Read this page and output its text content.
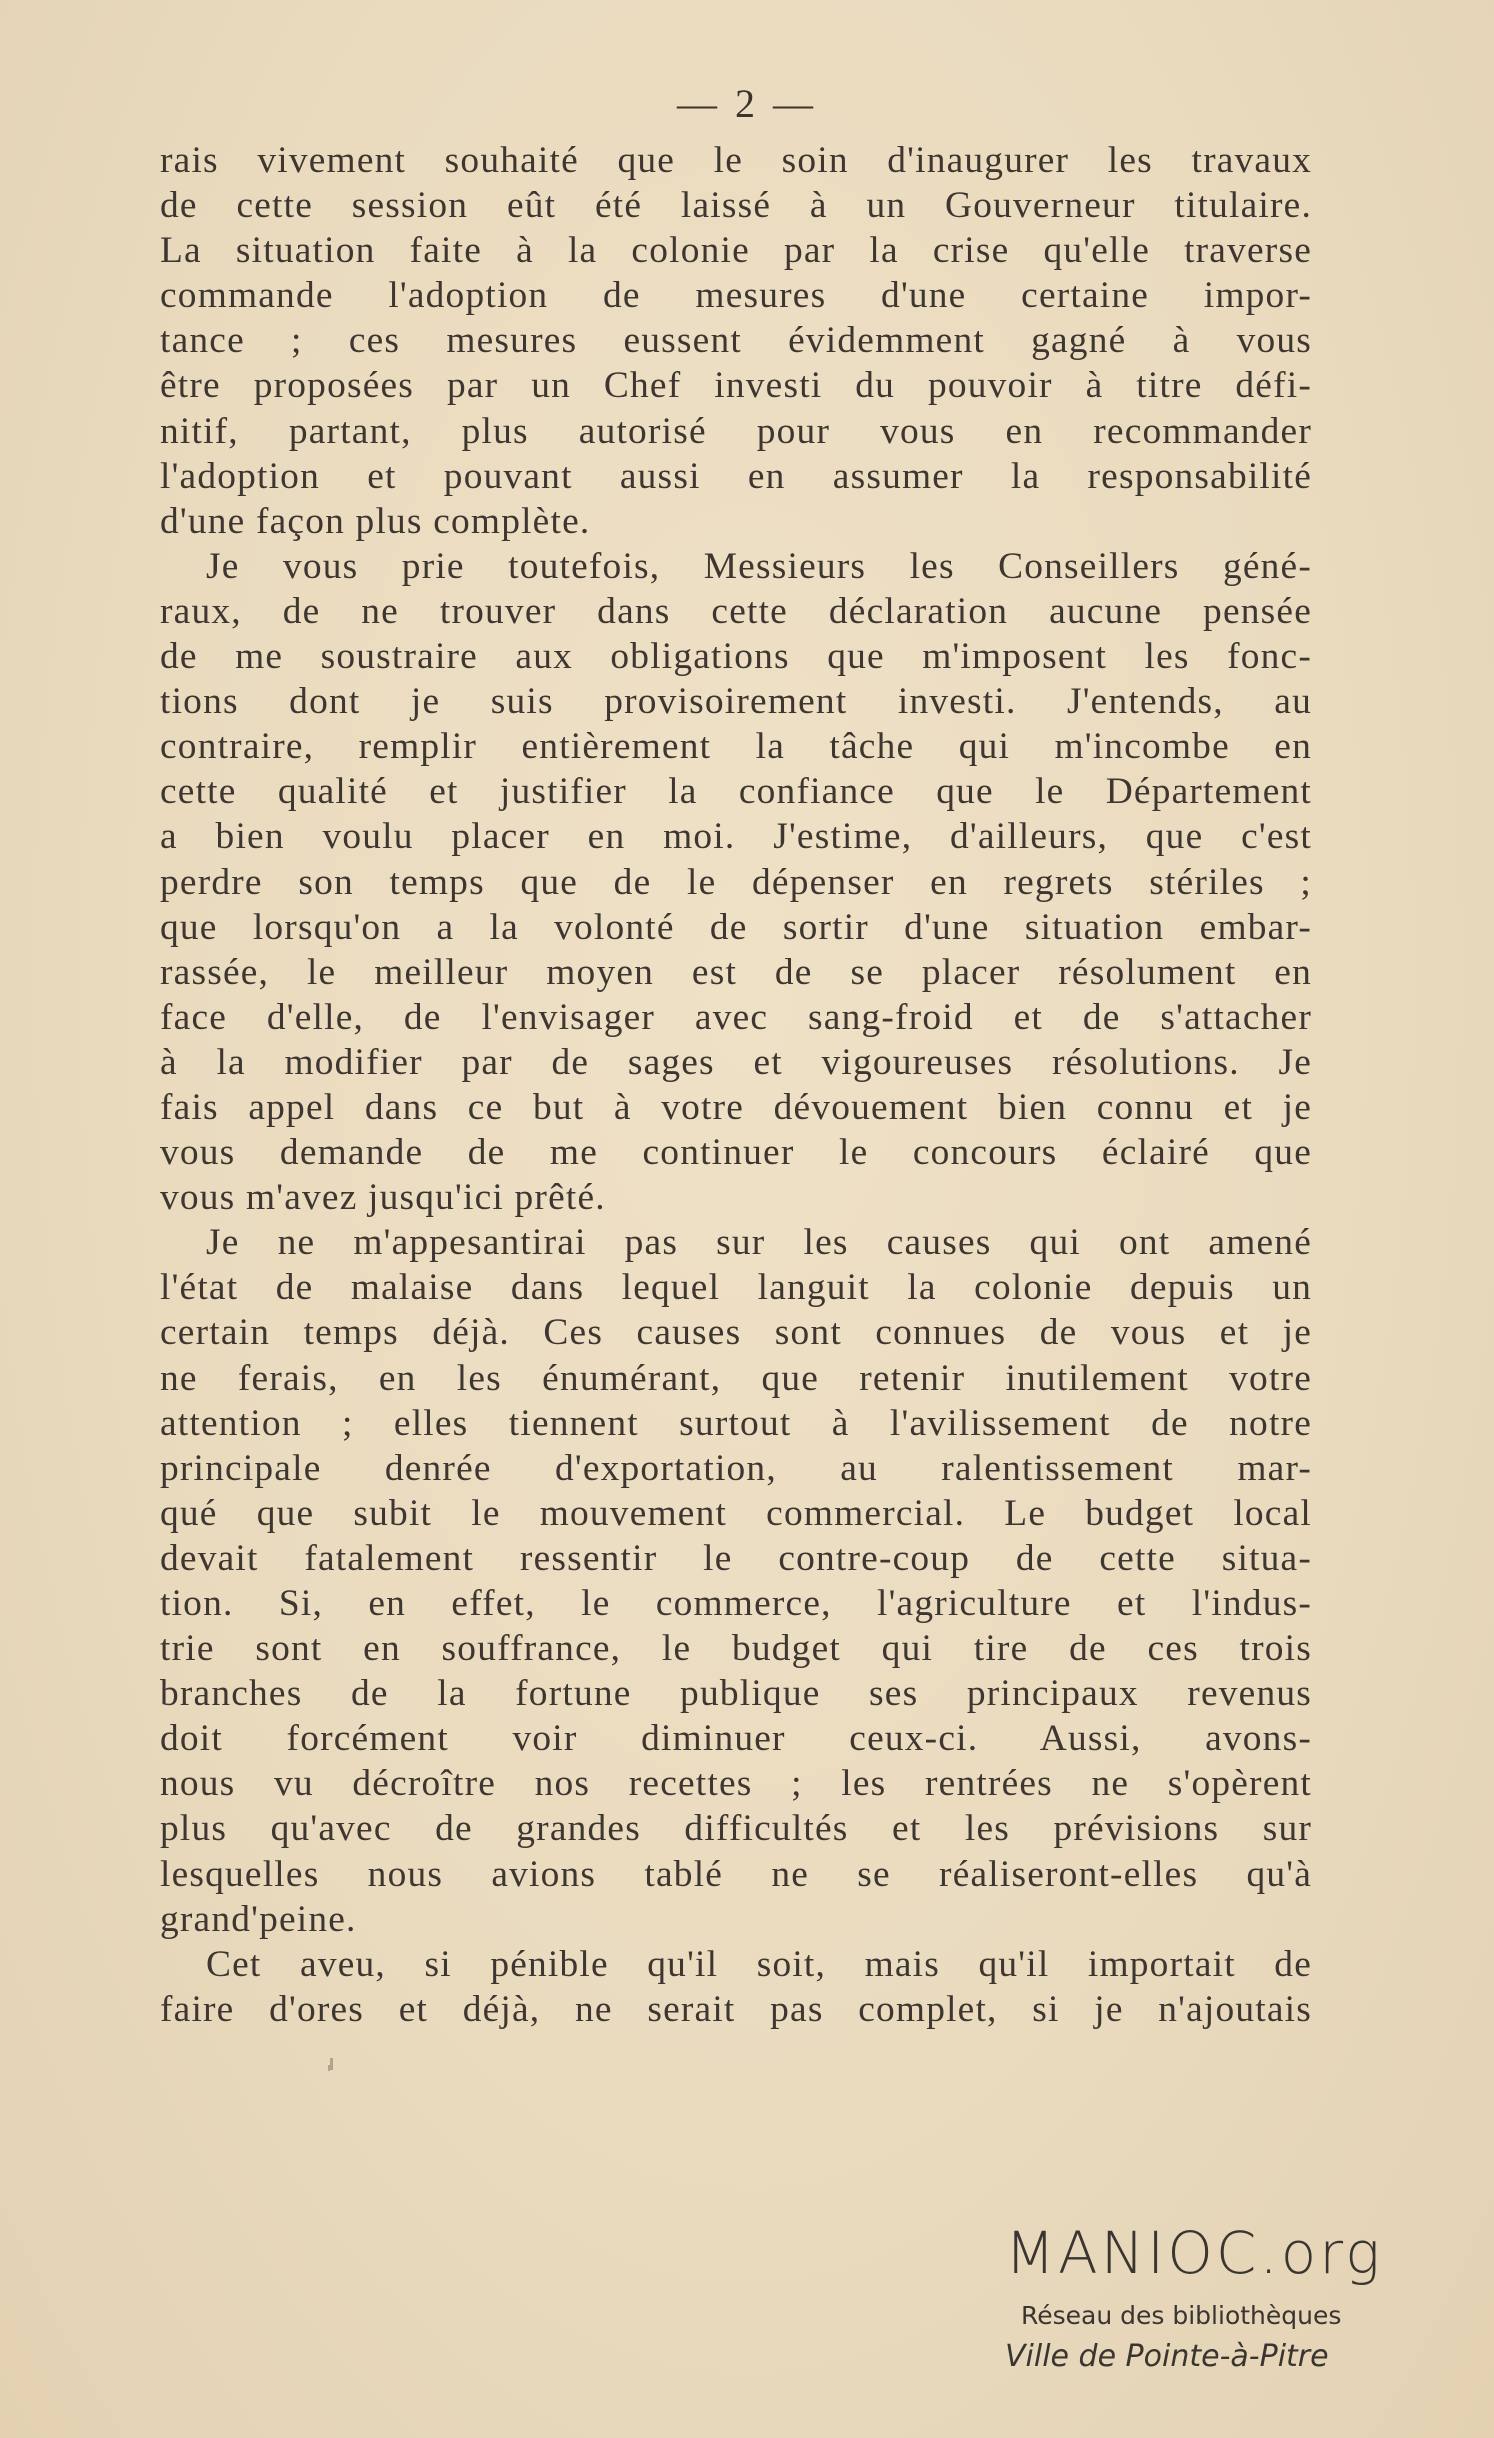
— 2 —
rais vivement souhaité que le soin d'inaugurer les travaux
de cette session eût été laissé à un Gouverneur titulaire.
La situation faite à la colonie par la crise qu'elle traverse
commande l'adoption de mesures d'une certaine impor-
tance ; ces mesures eussent évidemment gagné à vous
être proposées par un Chef investi du pouvoir à titre défi-
nitif, partant, plus autorisé pour vous en recommander
l'adoption et pouvant aussi en assumer la responsabilité
d'une façon plus complète.
Je vous prie toutefois, Messieurs les Conseillers géné-
raux, de ne trouver dans cette déclaration aucune pensée
de me soustraire aux obligations que m'imposent les fonc-
tions dont je suis provisoirement investi. J'entends, au
contraire, remplir entièrement la tâche qui m'incombe en
cette qualité et justifier la confiance que le Département
a bien voulu placer en moi. J'estime, d'ailleurs, que c'est
perdre son temps que de le dépenser en regrets stériles ;
que lorsqu'on a la volonté de sortir d'une situation embar-
rassée, le meilleur moyen est de se placer résolument en
face d'elle, de l'envisager avec sang-froid et de s'attacher
à la modifier par de sages et vigoureuses résolutions. Je
fais appel dans ce but à votre dévouement bien connu et je
vous demande de me continuer le concours éclairé que
vous m'avez jusqu'ici prêté.
Je ne m'appesantirai pas sur les causes qui ont amené
l'état de malaise dans lequel languit la colonie depuis un
certain temps déjà. Ces causes sont connues de vous et je
ne ferais, en les énumérant, que retenir inutilement votre
attention ; elles tiennent surtout à l'avilissement de notre
principale denrée d'exportation, au ralentissement mar-
qué que subit le mouvement commercial. Le budget local
devait fatalement ressentir le contre-coup de cette situa-
tion. Si, en effet, le commerce, l'agriculture et l'indus-
trie sont en souffrance, le budget qui tire de ces trois
branches de la fortune publique ses principaux revenus
doit forcément voir diminuer ceux-ci. Aussi, avons-
nous vu décroître nos recettes ; les rentrées ne s'opèrent
plus qu'avec de grandes difficultés et les prévisions sur
lesquelles nous avions tablé ne se réaliseront-elles qu'à
grand'peine.
Cet aveu, si pénible qu'il soit, mais qu'il importait de
faire d'ores et déjà, ne serait pas complet, si je n'ajoutais
MANIOC.org
Réseau des bibliothèques
Ville de Pointe-à-Pitre
